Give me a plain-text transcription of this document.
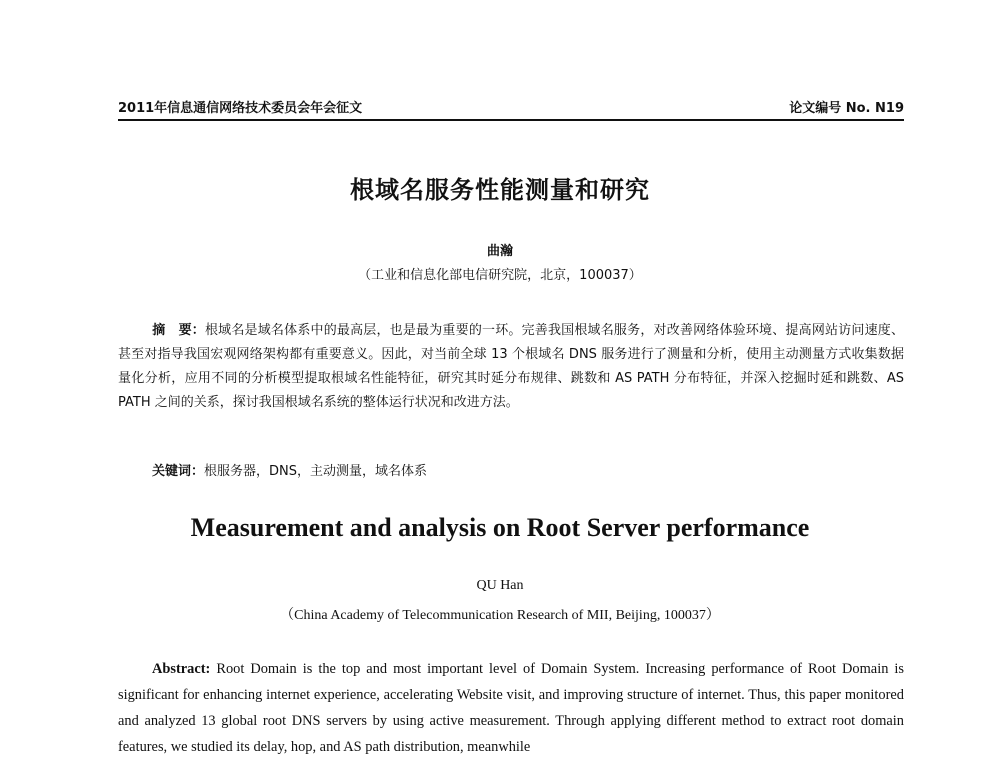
2011年信息通信网络技术委员会年会征文	论文编号 No. N19
根域名服务性能测量和研究
曲瀚
（工业和信息化部电信研究院，北京，100037）
摘　要：根域名是域名体系中的最高层，也是最为重要的一环。完善我国根域名服务，对改善网络体验环境、提高网站访问速度、甚至对指导我国宏观网络架构都有重要意义。因此，对当前全球 13 个根域名 DNS 服务进行了测量和分析，使用主动测量方式收集数据量化分析，应用不同的分析模型提取根域名性能特征，研究其时延分布规律、跳数和 AS PATH 分布特征，并深入挖掘时延和跳数、AS PATH 之间的关系，探讨我国根域名系统的整体运行状况和改进方法。
关键词：根服务器，DNS，主动测量，域名体系
Measurement and analysis on Root Server performance
QU Han
（China Academy of Telecommunication Research of MII, Beijing, 100037）
Abstract: Root Domain is the top and most important level of Domain System. Increasing performance of Root Domain is significant for enhancing internet experience, accelerating Website visit, and improving structure of internet. Thus, this paper monitored and analyzed 13 global root DNS servers by using active measurement. Through applying different method to extract root domain features, we studied its delay, hop, and AS path distribution, meanwhile
